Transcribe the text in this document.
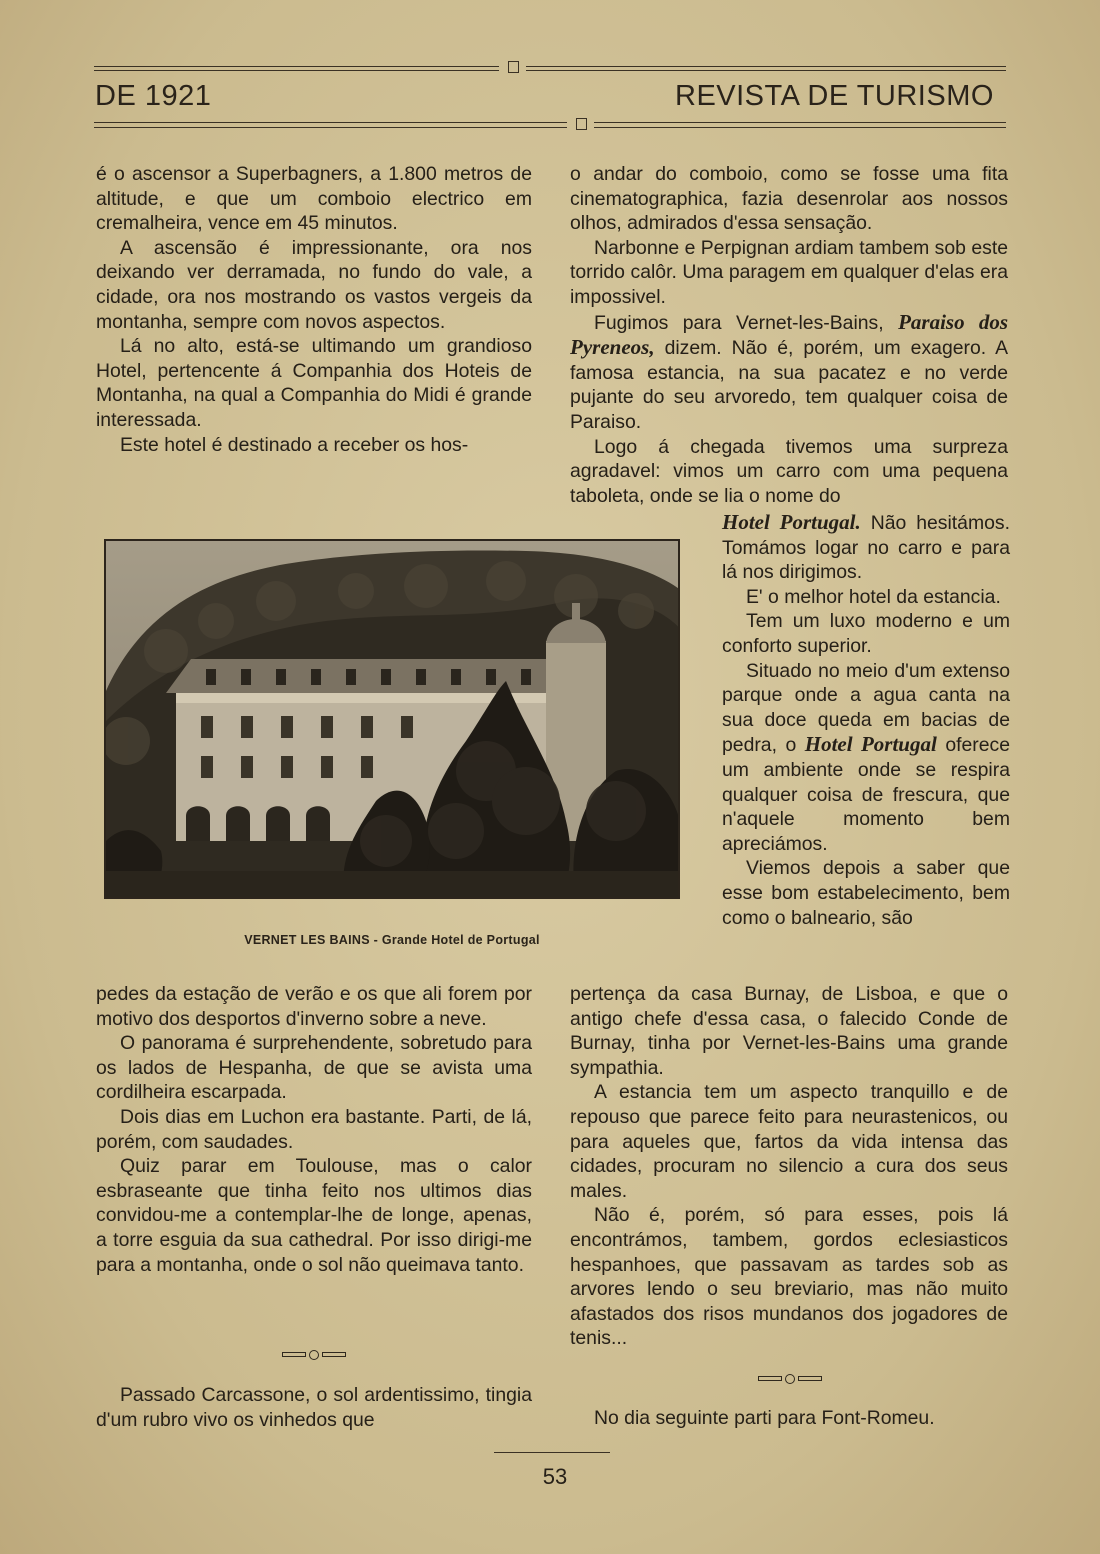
DE 1921	REVISTA DE TURISMO

é o ascensor a Superbagners, a 1.800 metros de altitude, e que um comboio electrico em cremalheira, vence em 45 minutos.

A ascensão é impressionante, ora nos deixando ver derramada, no fundo do vale, a cidade, ora nos mostrando os vastos vergeis da montanha, sempre com novos aspectos.

Lá no alto, está-se ultimando um grandioso Hotel, pertencente á Companhia dos Hoteis de Montanha, na qual a Companhia do Midi é grande interessada.

Este hotel é destinado a receber os hos-

VERNET LES BAINS - Grande Hotel de Portugal

pedes da estação de verão e os que ali forem por motivo dos desportos d'inverno sobre a neve.

O panorama é surprehendente, sobretudo para os lados de Hespanha, de que se avista uma cordilheira escarpada.

Dois dias em Luchon era bastante. Parti, de lá, porém, com saudades.

Quiz parar em Toulouse, mas o calor esbraseante que tinha feito nos ultimos dias convidou-me a contemplar-lhe de longe, apenas, a torre esguia da sua cathedral. Por isso dirigi-me para a montanha, onde o sol não queimava tanto.

Passado Carcassone, o sol ardentissimo, tingia d'um rubro vivo os vinhedos que

o andar do comboio, como se fosse uma fita cinematographica, fazia desenrolar aos nossos olhos, admirados d'essa sensação.

Narbonne e Perpignan ardiam tambem sob este torrido calôr. Uma paragem em qualquer d'elas era impossivel.

Fugimos para Vernet-les-Bains, Paraiso dos Pyreneos, dizem. Não é, porém, um exagero. A famosa estancia, na sua pacatez e no verde pujante do seu arvoredo, tem qualquer coisa de Paraiso.

Logo á chegada tivemos uma surpreza agradavel: vimos um carro com uma pequena taboleta, onde se lia o nome do

Hotel Portugal. Não hesitámos. Tomámos logar no carro e para lá nos dirigimos.

E' o melhor hotel da estancia.

Tem um luxo moderno e um conforto superior.

Situado no meio d'um extenso parque onde a agua canta na sua doce queda em bacias de pedra, o Hotel Portugal oferece um ambiente onde se respira qualquer coisa de frescura, que n'aquele momento bem apreciámos.

Viemos depois a saber que esse bom estabelecimento, bem como o balneario, são

pertença da casa Burnay, de Lisboa, e que o antigo chefe d'essa casa, o falecido Conde de Burnay, tinha por Vernet-les-Bains uma grande sympathia.

A estancia tem um aspecto tranquillo e de repouso que parece feito para neurastenicos, ou para aqueles que, fartos da vida intensa das cidades, procuram no silencio a cura dos seus males.

Não é, porém, só para esses, pois lá encontrámos, tambem, gordos eclesiasticos hespanhoes, que passavam as tardes sob as arvores lendo o seu breviario, mas não muito afastados dos risos mundanos dos jogadores de tenis...

No dia seguinte parti para Font-Romeu.

53
